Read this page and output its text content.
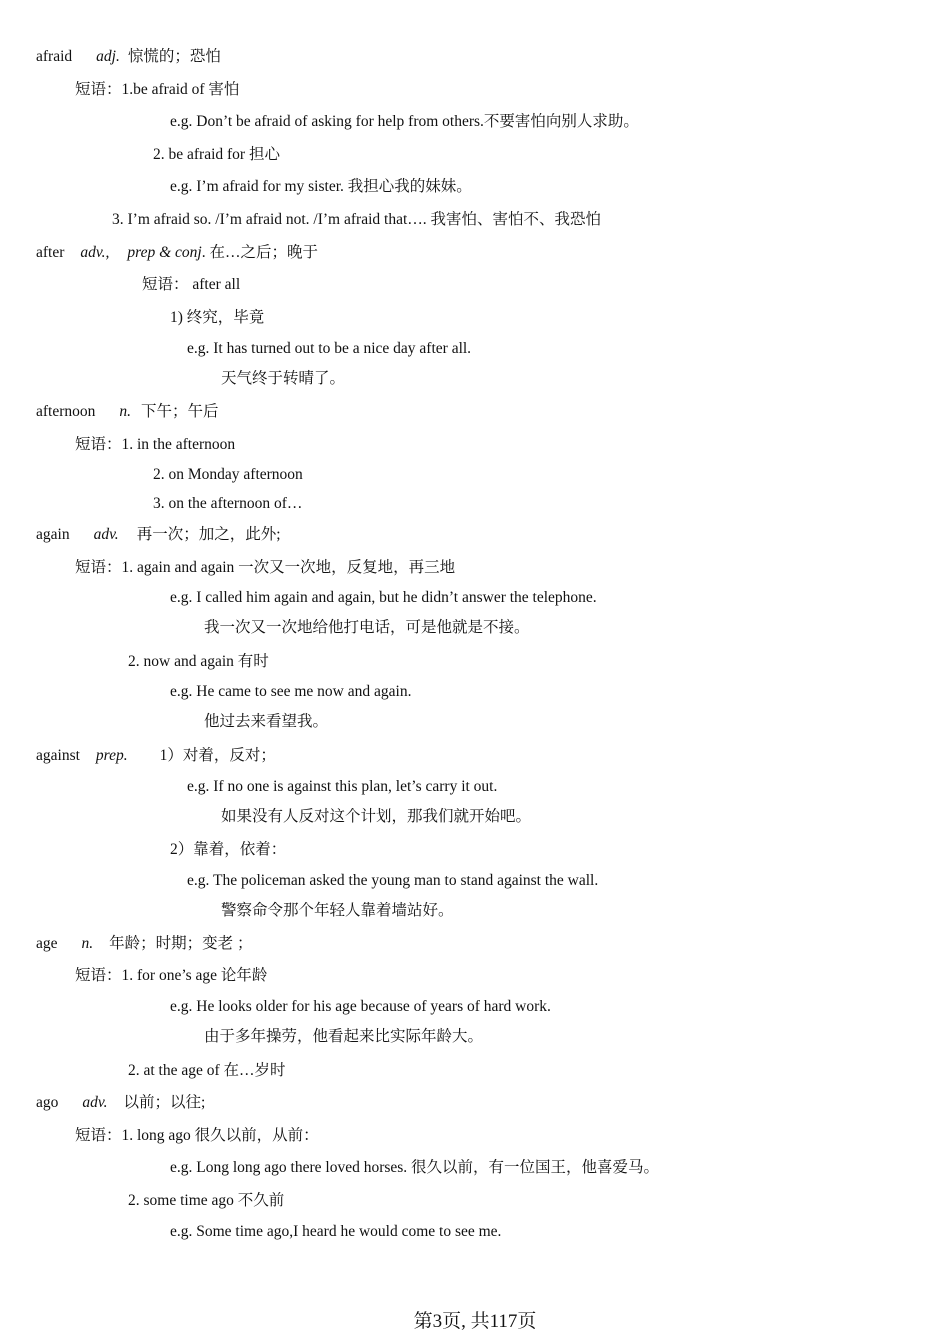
afraid adj. 惊慌的；恐怕
短语：1.be afraid of 害怕
e.g. Don’t be afraid of asking for help from others.不要害怕向别人求助。
2. be afraid for 担心
e.g. I’m afraid for my sister. 我担心我的妹妹。
3. I’m afraid so. /I’m afraid not. /I’m afraid that…. 我害怕、害怕不、我恐怕
after adv., prep & conj. 在…之后；晚于
短语： after all
1) 终究，毕竟
e.g. It has turned out to be a nice day after all.
天气终于转晴了。
afternoon n. 下午；午后
短语：1. in the afternoon
2. on Monday afternoon
3. on the afternoon of…
again adv. 再一次；加之，此外;
短语：1. again and again 一次又一次地，反复地，再三地
e.g. I called him again and again, but he didn’t answer the telephone.
我一次又一次地给他打电话，可是他就是不接。
2. now and again 有时
e.g. He came to see me now and again.
他过去来看望我。
against prep. 1）对着，反对；
e.g. If no one is against this plan, let’s carry it out.
如果没有人反对这个计划，那我们就开始吧。
2）靠着，依着：
e.g. The policeman asked the young man to stand against the wall.
警察命令那个年轻人靠着墙站好。
age n. 年龄；时期；变老 ；
短语：1. for one’s age 论年龄
e.g. He looks older for his age because of years of hard work.
由于多年操劳，他看起来比实际年龄大。
2. at the age of 在…岁时
ago adv. 以前；以往;
短语：1. long ago 很久以前，从前：
e.g. Long long ago there loved horses. 很久以前，有一位国王，他喜爱马。
2. some time ago 不久前
e.g. Some time ago,I heard he would come to see me.
第3页, 共117页
